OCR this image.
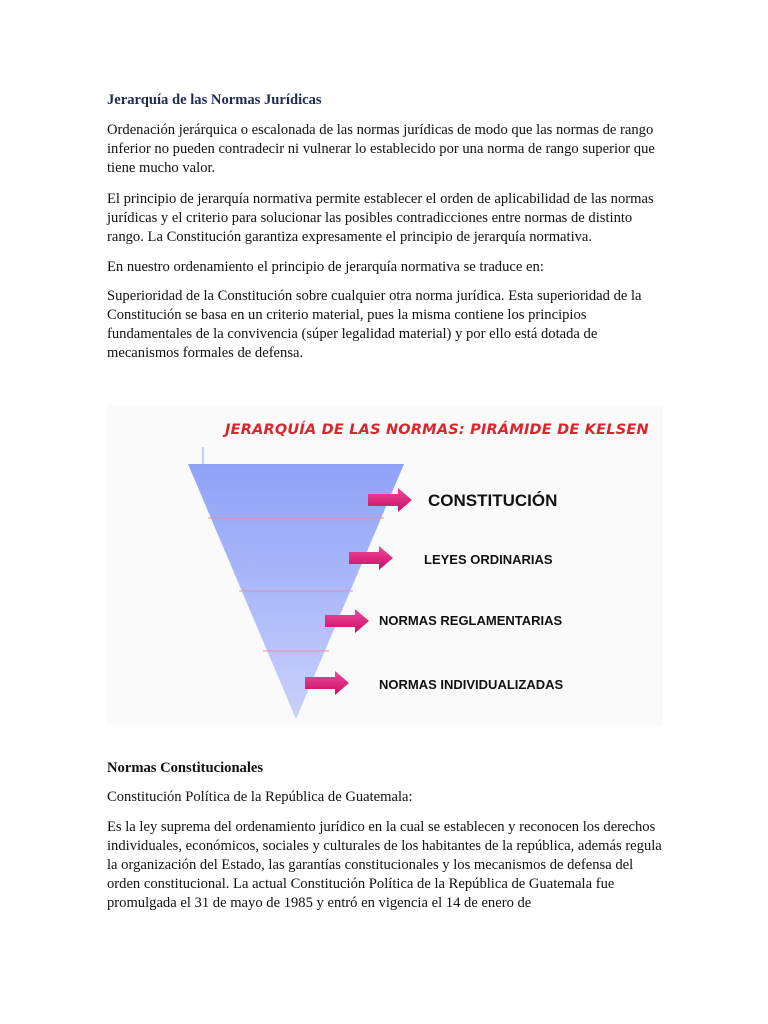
Jerarquía de las Normas Jurídicas

Ordenación jerárquica o escalonada de las normas jurídicas de modo que las normas de rango inferior no pueden contradecir ni vulnerar lo establecido por una norma de rango superior que tiene mucho valor.

El principio de jerarquía normativa permite establecer el orden de aplicabilidad de las normas jurídicas y el criterio para solucionar las posibles contradicciones entre normas de distinto rango. La Constitución garantiza expresamente el principio de jerarquía normativa.

En nuestro ordenamiento el principio de jerarquía normativa se traduce en:

Superioridad de la Constitución sobre cualquier otra norma jurídica. Esta superioridad de la Constitución se basa en un criterio material, pues la misma contiene los principios fundamentales de la convivencia (súper legalidad material) y por ello está dotada de mecanismos formales de defensa.

JERARQUÍA DE LAS NORMAS: PIRÁMIDE DE KELSEN
CONSTITUCIÓN
LEYES ORDINARIAS
NORMAS REGLAMENTARIAS
NORMAS INDIVIDUALIZADAS
Normas Constitucionales

Constitución Política de la República de Guatemala:

Es la ley suprema del ordenamiento jurídico en la cual se establecen y reconocen los derechos individuales, económicos, sociales y culturales de los habitantes de la república, además regula la organización del Estado, las garantías constitucionales y los mecanismos de defensa del orden constitucional. La actual Constitución Política de la República de Guatemala fue promulgada el 31 de mayo de 1985 y entró en vigencia el 14 de enero de
